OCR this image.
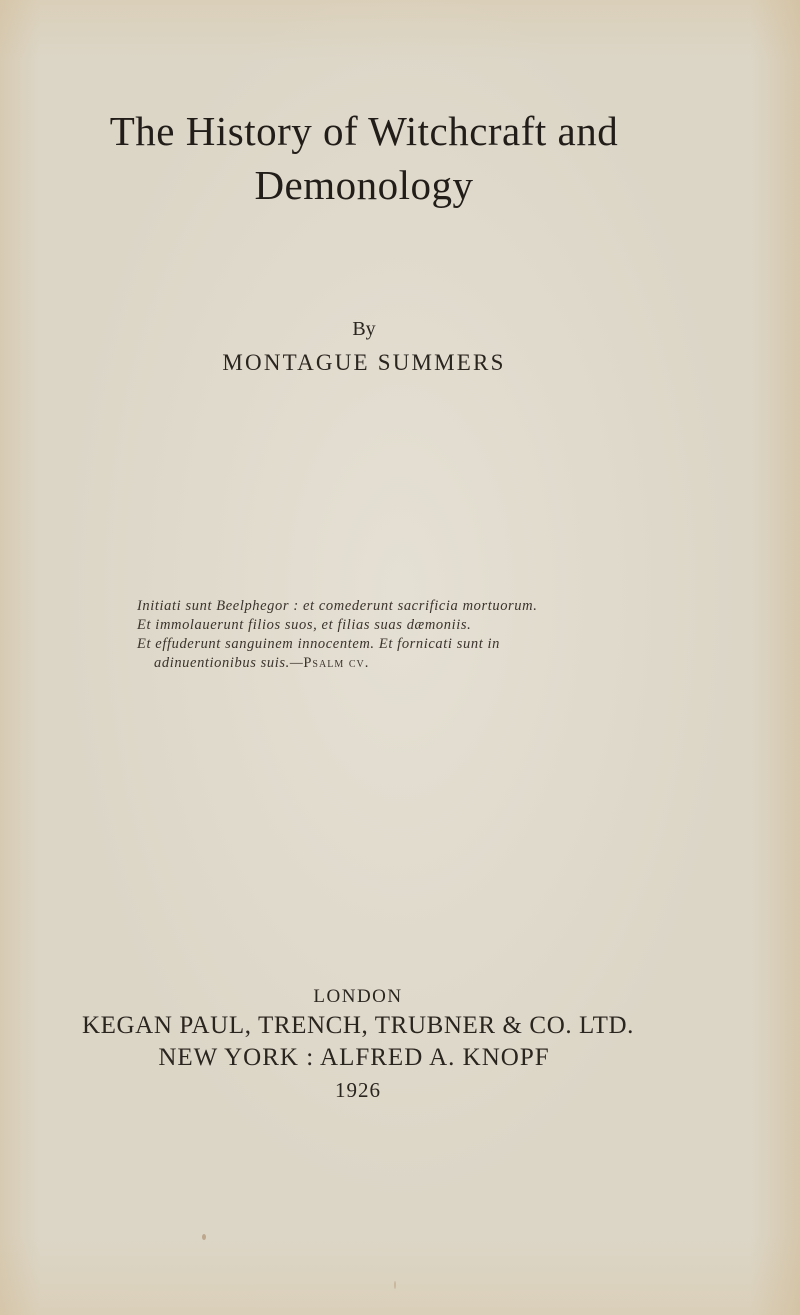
The History of Witchcraft and
Demonology
By
MONTAGUE SUMMERS
Initiati sunt Beelphegor : et comederunt sacrificia mortuorum.
Et immolauerunt filios suos, et filias suas dæmoniis.
Et effuderunt sanguinem innocentem. Et fornicati sunt in
adinuentionibus suis.—Psalm cv.
LONDON
KEGAN PAUL, TRENCH, TRUBNER & CO. LTD.
NEW YORK : ALFRED A. KNOPF
1926
